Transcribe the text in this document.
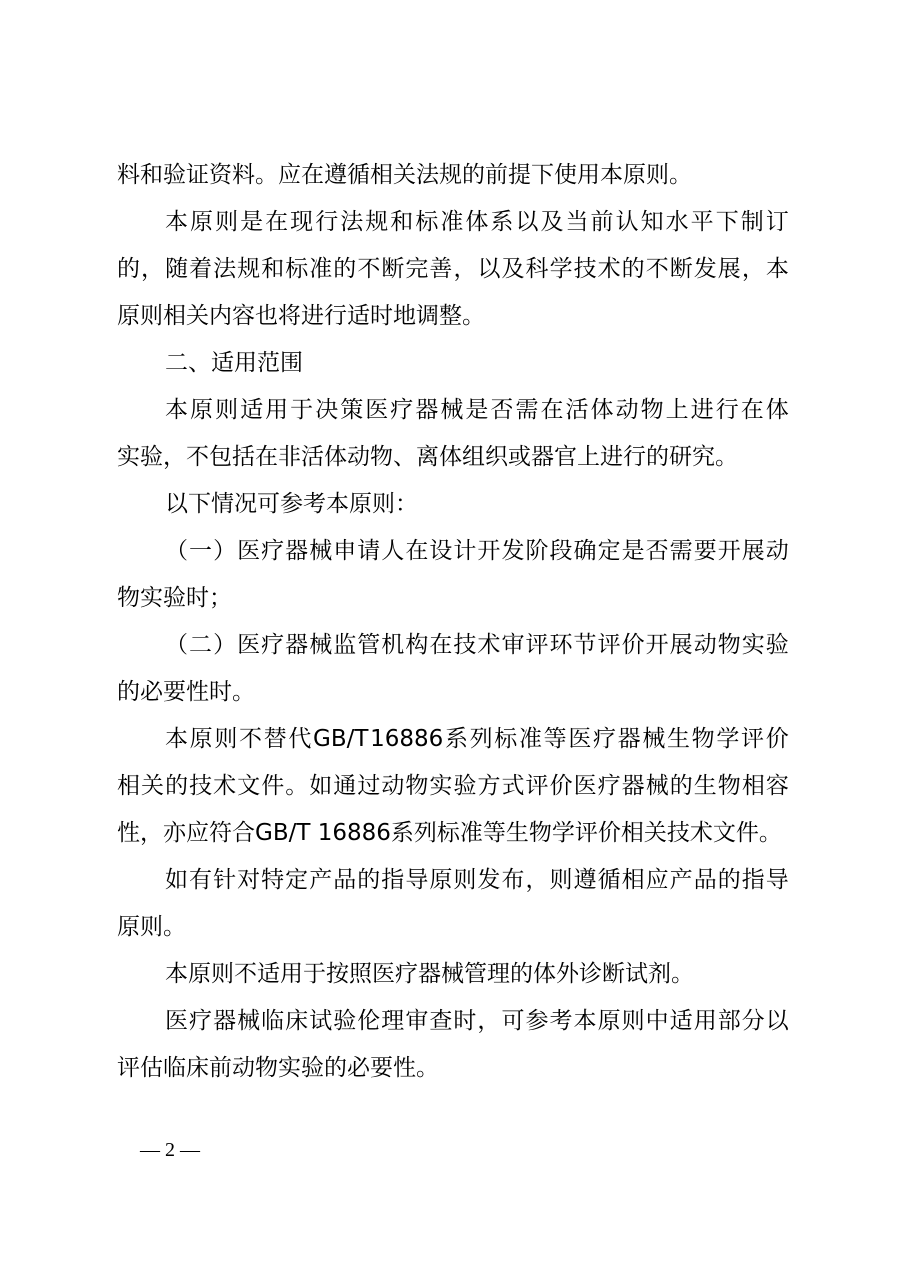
料和验证资料。应在遵循相关法规的前提下使用本原则。
本 原 则 是 在 现 行 法 规 和 标 准 体 系 以 及 当 前 认 知 水 平 下 制 订
的 ， 随 着 法 规 和 标 准 的 不 断 完 善 ， 以 及 科 学 技 术 的 不 断 发 展 ， 本
原则相关内容也将进行适时地调整。
二、适用范围
本 原 则 适 用 于 决 策 医 疗 器 械 是 否 需 在 活 体 动 物 上 进 行 在 体
实验，不包括在非活体动物、离体组织或器官上进行的研究。
以下情况可参考本原则：
（ 一 ） 医 疗 器 械 申 请 人 在 设 计 开 发 阶 段 确 定 是 否 需 要 开 展 动
物实验时；
（ 二 ） 医 疗 器 械 监 管 机 构 在 技 术 审 评 环 节 评 价 开 展 动 物 实 验
的必要性时。
本 原 则 不 替 代 GB/T 16886 系 列 标 准 等 医 疗 器 械 生 物 学 评 价
相 关 的 技 术 文 件 。 如 通 过 动 物 实 验 方 式 评 价 医 疗 器 械 的 生 物 相 容
性，亦应符合GB/T 16886系列标准等生物学评价相关技术文件。
如 有 针 对 特 定 产 品 的 指 导 原 则 发 布 ， 则 遵 循 相 应 产 品 的 指 导
原则。
本原则不适用于按照医疗器械管理的体外诊断试剂。
医 疗 器 械 临 床 试 验 伦 理 审 查 时 ， 可 参 考 本 原 则 中 适 用 部 分 以
评估临床前动物实验的必要性。
— 2 —
